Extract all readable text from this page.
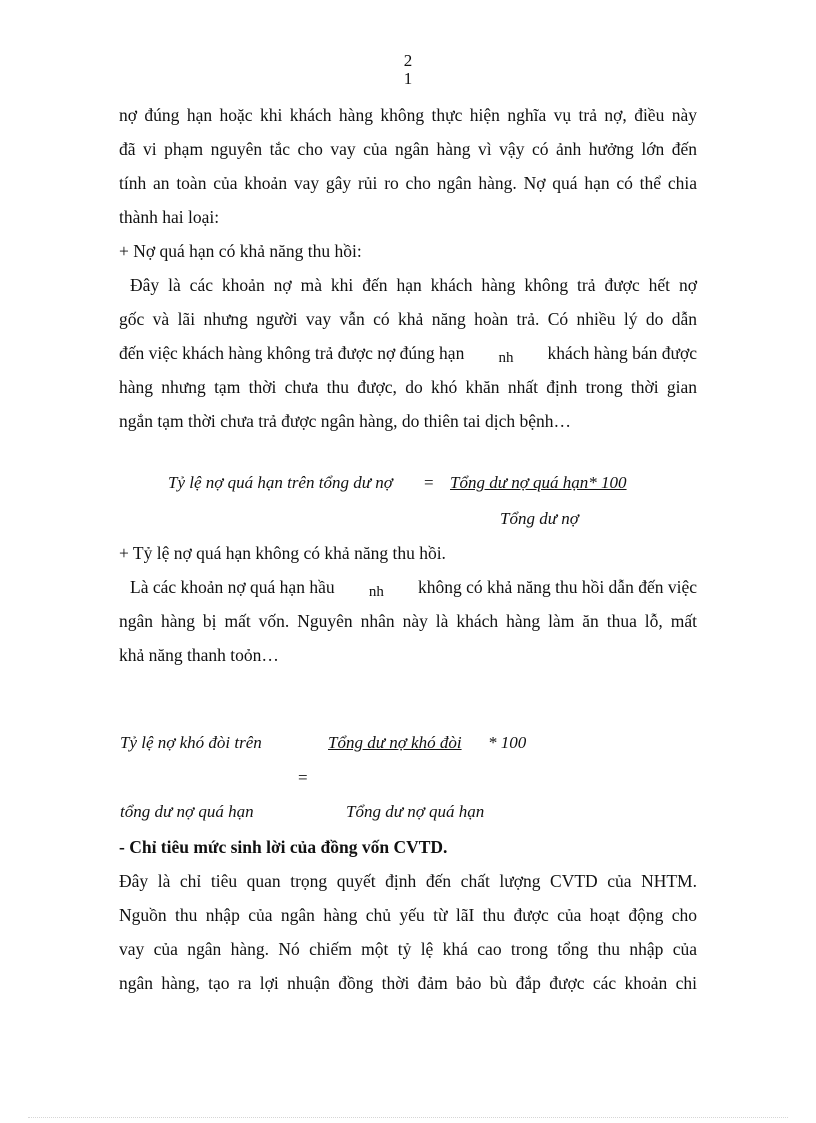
2
1
nợ đúng hạn hoặc khi khách hàng không thực hiện nghĩa vụ trả nợ, điều này
đã vi phạm nguyên tắc cho vay của ngân hàng vì vậy có ảnh hưởng lớn đến
tính an toàn của khoản vay gây rủi ro cho ngân hàng. Nợ quá hạn có thể chia
thành hai loại:
+ Nợ quá hạn có khả năng thu hồi:
Đây là các khoản nợ mà khi đến hạn khách hàng không trả được hết nợ
gốc và lãi nhưng người vay vẫn có khả năng hoàn trả. Có nhiều lý do dẫn
đến việc khách hàng không trả được nợ đúng hạn nh khách hàng bán được
hàng nhưng tạm thời chưa thu được, do khó khăn nhất định trong thời gian
ngắn tạm thời chưa trả được ngân hàng, do thiên tai dịch bệnh…
Tỷ lệ nợ quá hạn trên tổng dư nợ = Tổng dư nợ quá hạn* 100
Tổng dư nợ
+ Tỷ lệ nợ quá hạn không có khả năng thu hồi.
Là các khoản nợ quá hạn hầu nh không có khả năng thu hồi dẫn đến việc
ngân hàng bị mất vốn. Nguyên nhân này là khách hàng làm ăn thua lỗ, mất
khả năng thanh toỏn…
Tỷ lệ nợ khó đòi trên	Tổng dư nợ khó đòi * 100
=
tổng dư nợ quá hạn	Tổng dư nợ quá hạn
- Chỉ tiêu mức sinh lời của đồng vốn CVTD.
Đây là chỉ tiêu quan trọng quyết định đến chất lượng CVTD của NHTM.
Nguồn thu nhập của ngân hàng chủ yếu từ lãI thu được của hoạt động cho
vay của ngân hàng. Nó chiếm một tỷ lệ khá cao trong tổng thu nhập của
ngân hàng, tạo ra lợi nhuận đồng thời đảm bảo bù đắp được các khoản chi
